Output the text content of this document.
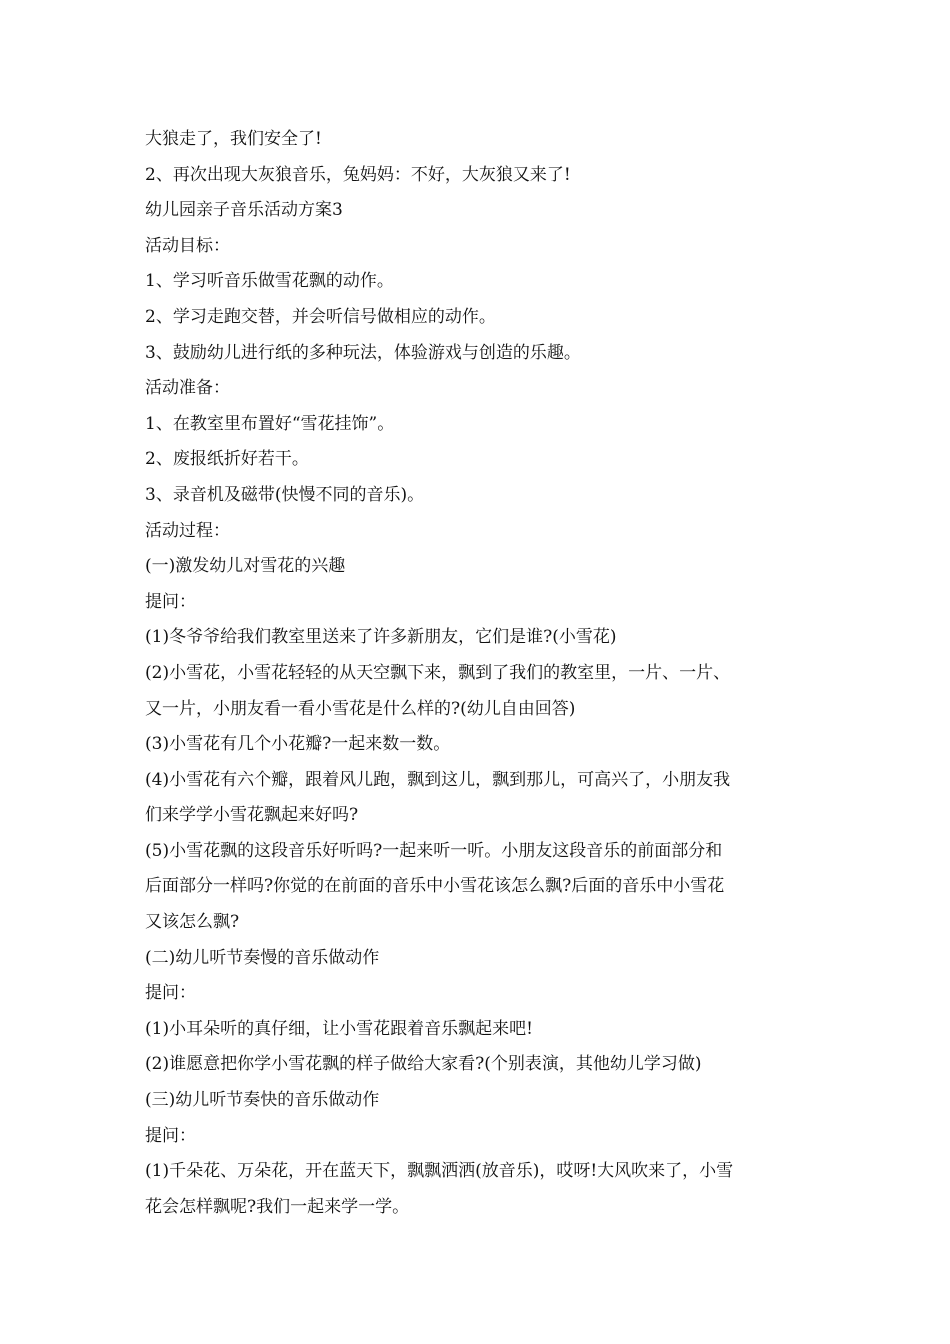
大狼走了，我们安全了!
2、再次出现大灰狼音乐，兔妈妈：不好，大灰狼又来了!
幼儿园亲子音乐活动方案3
活动目标：
1、学习听音乐做雪花飘的动作。
2、学习走跑交替，并会听信号做相应的动作。
3、鼓励幼儿进行纸的多种玩法，体验游戏与创造的乐趣。
活动准备：
1、在教室里布置好“雪花挂饰”。
2、废报纸折好若干。
3、录音机及磁带(快慢不同的音乐)。
活动过程：
(一)激发幼儿对雪花的兴趣
提问：
(1)冬爷爷给我们教室里送来了许多新朋友，它们是谁?(小雪花)
(2)小雪花，小雪花轻轻的从天空飘下来，飘到了我们的教室里，一片、一片、
又一片，小朋友看一看小雪花是什么样的?(幼儿自由回答)
(3)小雪花有几个小花瓣?一起来数一数。
(4)小雪花有六个瓣，跟着风儿跑，飘到这儿，飘到那儿，可高兴了，小朋友我
们来学学小雪花飘起来好吗?
(5)小雪花飘的这段音乐好听吗?一起来听一听。小朋友这段音乐的前面部分和
后面部分一样吗?你觉的在前面的音乐中小雪花该怎么飘?后面的音乐中小雪花
又该怎么飘?
(二)幼儿听节奏慢的音乐做动作
提问：
(1)小耳朵听的真仔细，让小雪花跟着音乐飘起来吧!
(2)谁愿意把你学小雪花飘的样子做给大家看?(个别表演，其他幼儿学习做)
(三)幼儿听节奏快的音乐做动作
提问：
(1)千朵花、万朵花，开在蓝天下，飘飘洒洒(放音乐)，哎呀!大风吹来了，小雪
花会怎样飘呢?我们一起来学一学。
